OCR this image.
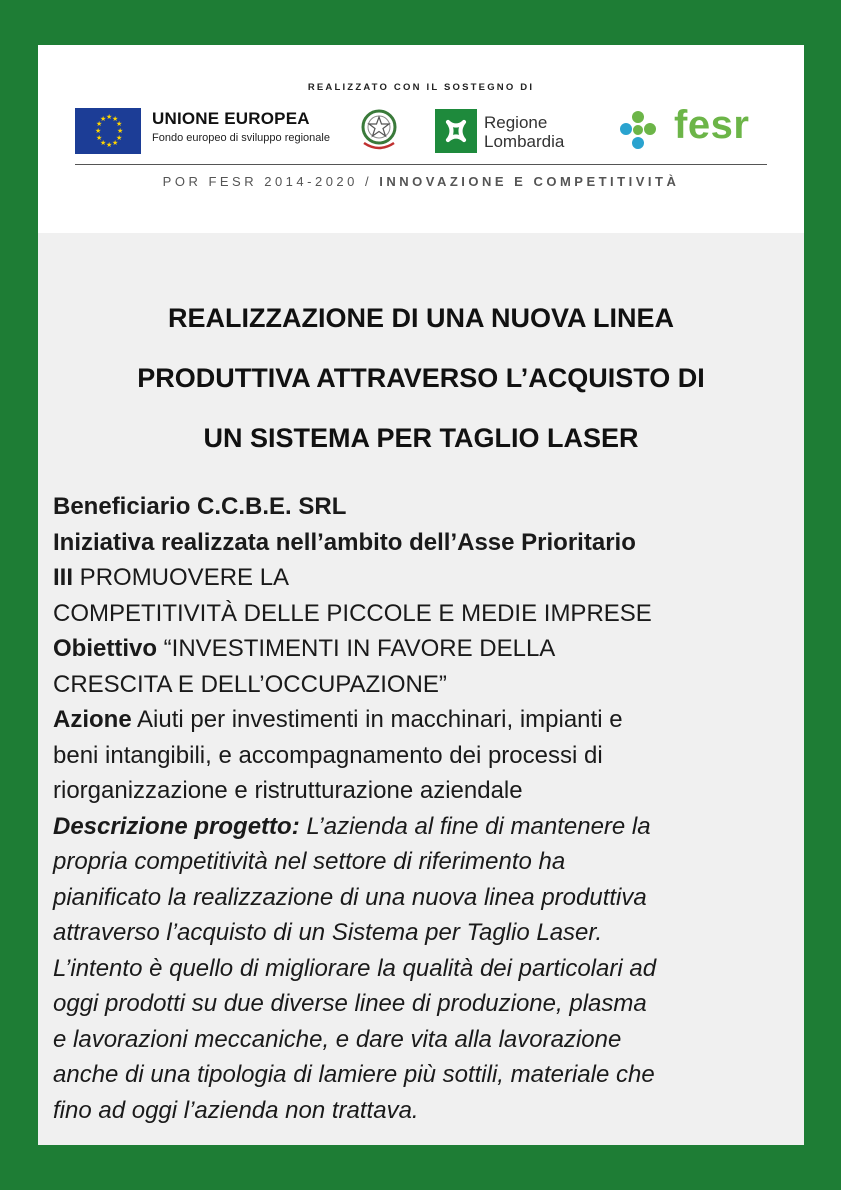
REALIZZATO CON IL SOSTEGNO DI
★ ★
★
★
★
★
★
★
★
★
★
★	UNIONE EUROPEA
Fondo europeo di sviluppo regionale
Regione
Lombardia	fesr
POR FESR 2014-2020 / INNOVAZIONE E COMPETITIVITÀ
REALIZZAZIONE DI UNA NUOVA LINEA
PRODUTTIVA ATTRAVERSO L’ACQUISTO DI
UN SISTEMA PER TAGLIO LASER

Beneficiario C.C.B.E. SRL

Iniziativa realizzata nell’ambito dell’Asse Prioritario

III PROMUOVERE LA

COMPETITIVITÀ DELLE PICCOLE E MEDIE IMPRESE

Obiettivo “INVESTIMENTI IN FAVORE DELLA

CRESCITA E DELL’OCCUPAZIONE”

Azione Aiuti per investimenti in macchinari, impianti e

beni intangibili, e accompagnamento dei processi di

riorganizzazione e ristrutturazione aziendale

Descrizione progetto: L’azienda al fine di mantenere la

propria competitività nel settore di riferimento ha

pianificato la realizzazione di una nuova linea produttiva

attraverso l’acquisto di un Sistema per Taglio Laser.

L’intento è quello di migliorare la qualità dei particolari ad

oggi prodotti su due diverse linee di produzione, plasma

e lavorazioni meccaniche, e dare vita alla lavorazione

anche di una tipologia di lamiere più sottili, materiale che

fino ad oggi l’azienda non trattava.
